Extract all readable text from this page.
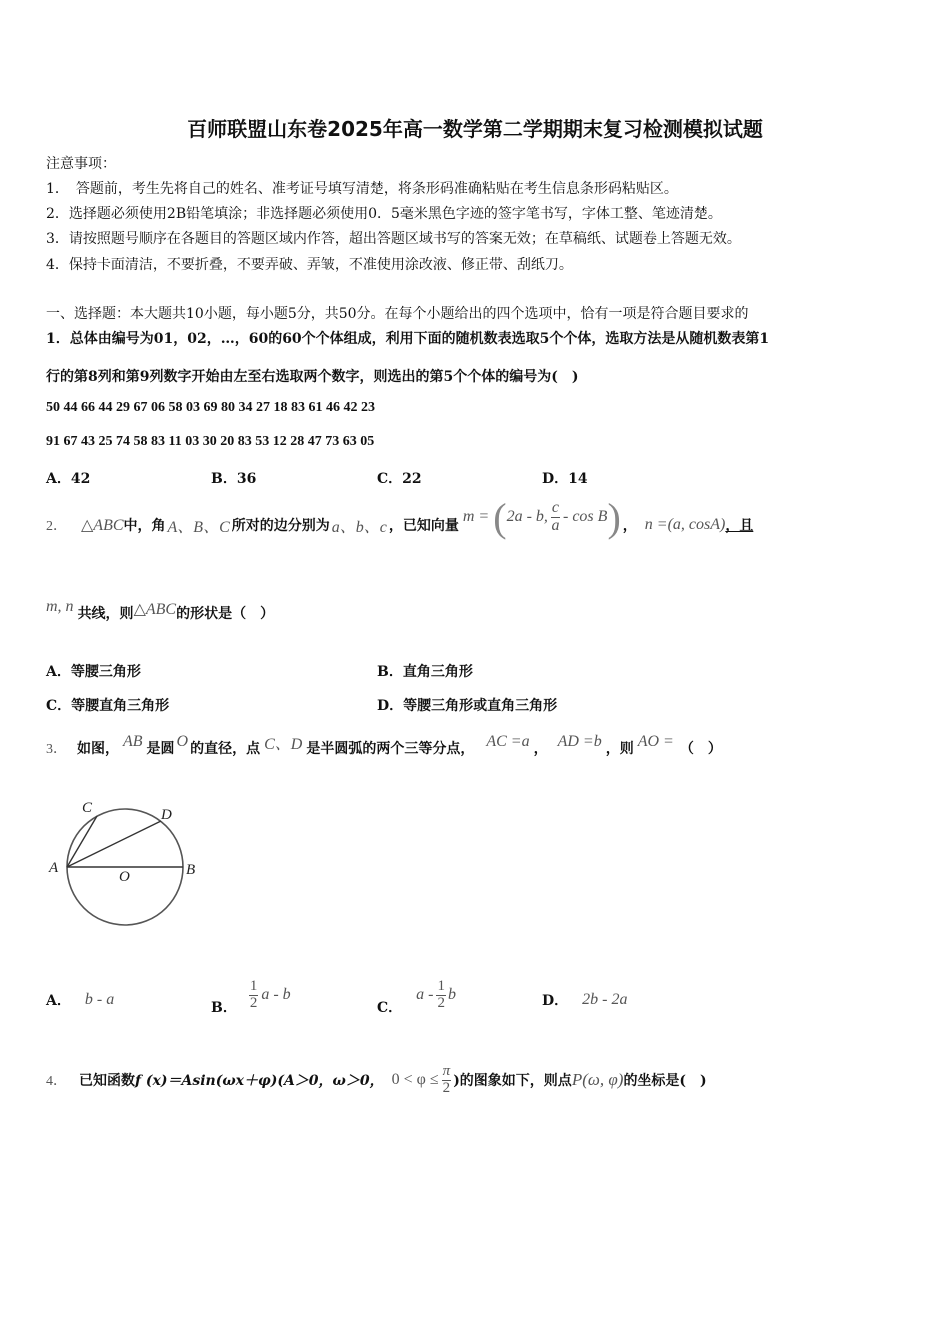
百师联盟山东卷2025年高一数学第二学期期末复习检测模拟试题
注意事项：
1．　答题前，考生先将自己的姓名、准考证号填写清楚，将条形码准确粘贴在考生信息条形码粘贴区。
2．选择题必须使用2B铅笔填涂；非选择题必须使用0．5毫米黑色字迹的签字笔书写，字体工整、笔迹清楚。
3．请按照题号顺序在各题目的答题区域内作答，超出答题区域书写的答案无效；在草稿纸、试题卷上答题无效。
4．保持卡面清洁，不要折叠，不要弄破、弄皱，不准使用涂改液、修正带、刮纸刀。
一、选择题：本大题共10小题，每小题5分，共50分。在每个小题给出的四个选项中，恰有一项是符合题目要求的
1．总体由编号为01，02，…，60的60个个体组成，利用下面的随机数表选取5个个体，选取方法是从随机数表第1
行的第8列和第9列数字开始由左至右选取两个数字，则选出的第5个个体的编号为(　)
50 44 66 44 29 67 06 58 03 69 80 34 27 18 83 61 46 42 23
91 67 43 25 74 58 83 11 03 30 20 83 53 12 28 47 73 63 05
A．42	B．36	C．22	D．14
2． △ABC 中，角 A、B、C 所对的边分别为 a、b、c ，已知向量
m = ( 2a - b, $\frac{c}{a}$ - cos B ) ， n =(a, cosA) ，且
m, n 共线，则 △ABC 的形状是（　）
A．等腰三角形	B．直角三角形
C．等腰直角三角形	D．等腰三角形或直角三角形
3． 如图， AB 是圆 O 的直径，点 C、D 是半圆弧的两个三等分点， AC =a ， AD =b ，则 AO = （　）
A	B
C	D
O
A． b - a	B． $\frac{1}{2}$ a - b
C．
a - $\frac{1}{2}$ b	D． 2b - 2a
4． 已知函数 f (x)＝Asin(ωx＋φ)(A＞0，ω＞0， $0 < \varphi \le \frac{\pi}{2}$ )的图象如下，则点 P(ω, φ) 的坐标是(　)
